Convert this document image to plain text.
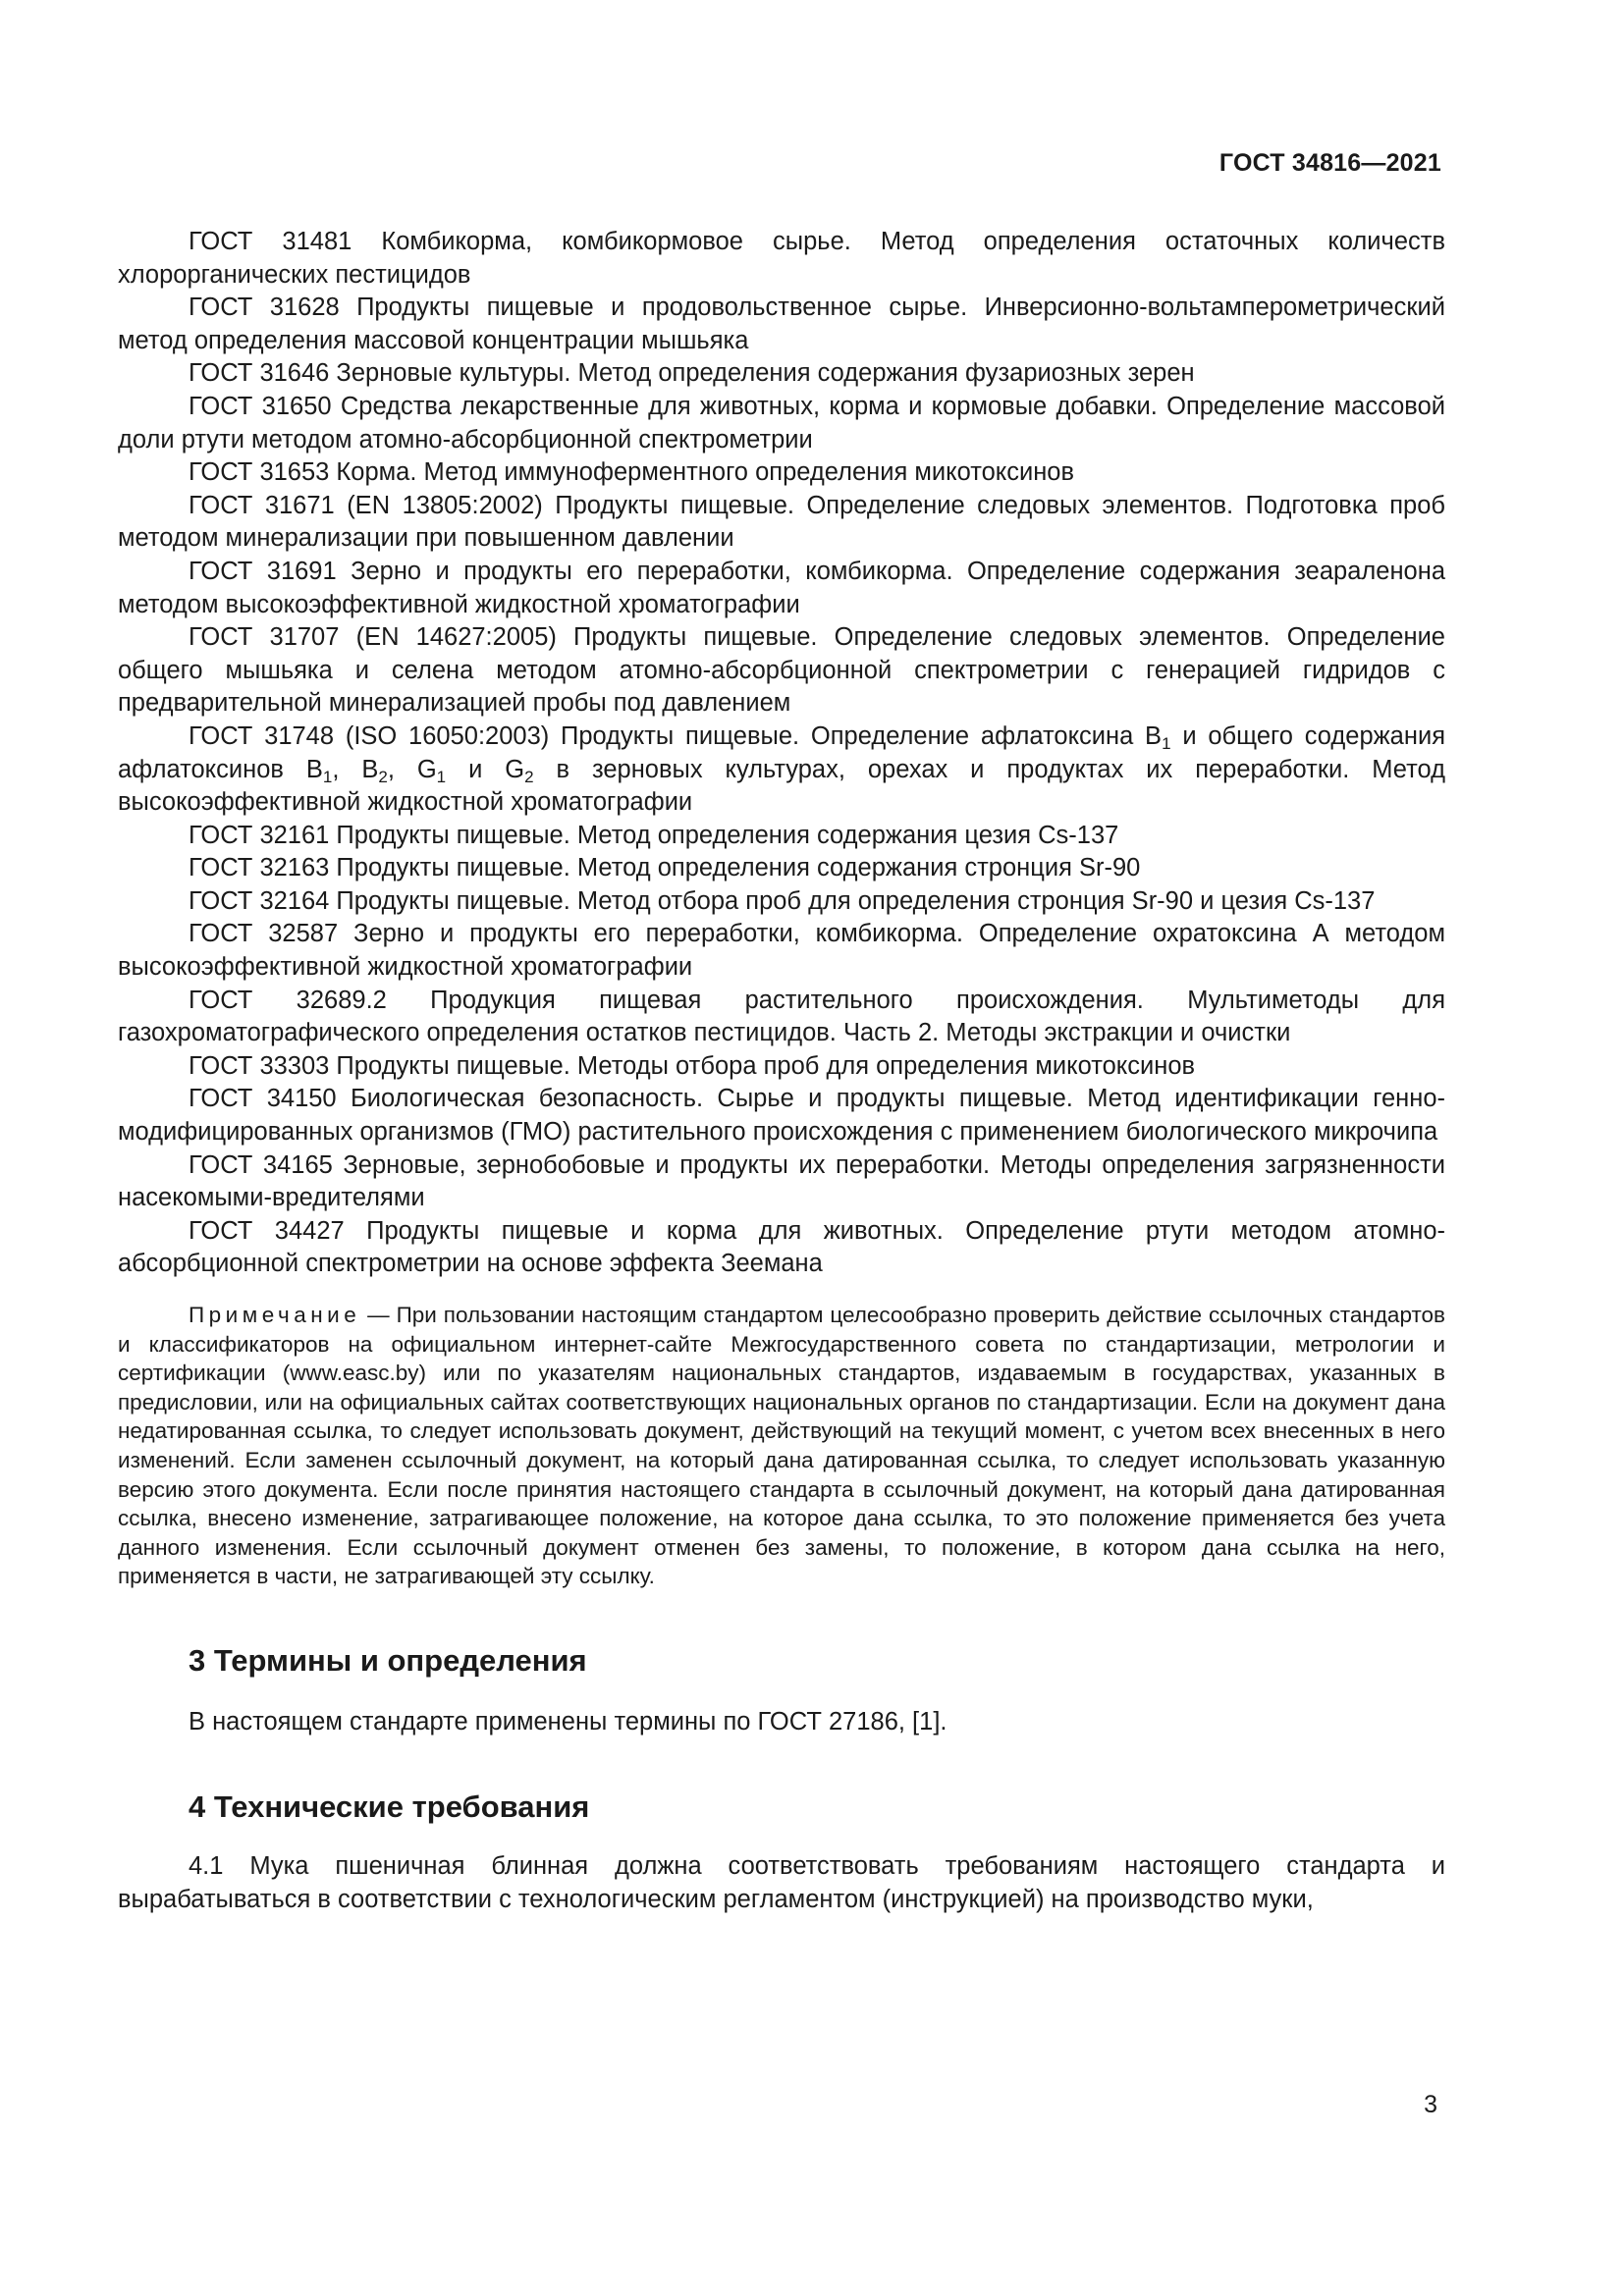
ГОСТ 34816—2021

ГОСТ 31481 Комбикорма, комбикормовое сырье. Метод определения остаточных количеств хлорорганических пестицидов

ГОСТ 31628 Продукты пищевые и продовольственное сырье. Инверсионно-вольтамперометрический метод определения массовой концентрации мышьяка

ГОСТ 31646 Зерновые культуры. Метод определения содержания фузариозных зерен

ГОСТ 31650 Средства лекарственные для животных, корма и кормовые добавки. Определение массовой доли ртути методом атомно-абсорбционной спектрометрии

ГОСТ 31653 Корма. Метод иммуноферментного определения микотоксинов

ГОСТ 31671 (EN 13805:2002) Продукты пищевые. Определение следовых элементов. Подготовка проб методом минерализации при повышенном давлении

ГОСТ 31691 Зерно и продукты его переработки, комбикорма. Определение содержания зеараленона методом высокоэффективной жидкостной хроматографии

ГОСТ 31707 (EN 14627:2005) Продукты пищевые. Определение следовых элементов. Определение общего мышьяка и селена методом атомно-абсорбционной спектрометрии с генерацией гидридов с предварительной минерализацией пробы под давлением

ГОСТ 31748 (ISO 16050:2003) Продукты пищевые. Определение афлатоксина $B_1$ и общего содержания афлатоксинов $B_1$, $B_2$, $G_1$ и $G_2$ в зерновых культурах, орехах и продуктах их переработки. Метод высокоэффективной жидкостной хроматографии

ГОСТ 32161 Продукты пищевые. Метод определения содержания цезия Cs-137

ГОСТ 32163 Продукты пищевые. Метод определения содержания стронция Sr-90

ГОСТ 32164 Продукты пищевые. Метод отбора проб для определения стронция Sr-90 и цезия Cs-137

ГОСТ 32587 Зерно и продукты его переработки, комбикорма. Определение охратоксина А методом высокоэффективной жидкостной хроматографии

ГОСТ 32689.2 Продукция пищевая растительного происхождения. Мультиметоды для газохроматографического определения остатков пестицидов. Часть 2. Методы экстракции и очистки

ГОСТ 33303 Продукты пищевые. Методы отбора проб для определения микотоксинов

ГОСТ 34150 Биологическая безопасность. Сырье и продукты пищевые. Метод идентификации генно-модифицированных организмов (ГМО) растительного происхождения с применением биологического микрочипа

ГОСТ 34165 Зерновые, зернобобовые и продукты их переработки. Методы определения загрязненности насекомыми-вредителями

ГОСТ 34427 Продукты пищевые и корма для животных. Определение ртути методом атомно-абсорбционной спектрометрии на основе эффекта Зеемана

Примечание — При пользовании настоящим стандартом целесообразно проверить действие ссылочных стандартов и классификаторов на официальном интернет-сайте Межгосударственного совета по стандартизации, метрологии и сертификации (www.easc.by) или по указателям национальных стандартов, издаваемым в государствах, указанных в предисловии, или на официальных сайтах соответствующих национальных органов по стандартизации. Если на документ дана недатированная ссылка, то следует использовать документ, действующий на текущий момент, с учетом всех внесенных в него изменений. Если заменен ссылочный документ, на который дана датированная ссылка, то следует использовать указанную версию этого документа. Если после принятия настоящего стандарта в ссылочный документ, на который дана датированная ссылка, внесено изменение, затрагивающее положение, на которое дана ссылка, то это положение применяется без учета данного изменения. Если ссылочный документ отменен без замены, то положение, в котором дана ссылка на него, применяется в части, не затрагивающей эту ссылку.

3 Термины и определения

В настоящем стандарте применены термины по ГОСТ 27186, [1].

4 Технические требования

4.1 Мука пшеничная блинная должна соответствовать требованиям настоящего стандарта и вырабатываться в соответствии с технологическим регламентом (инструкцией) на производство муки,

3
